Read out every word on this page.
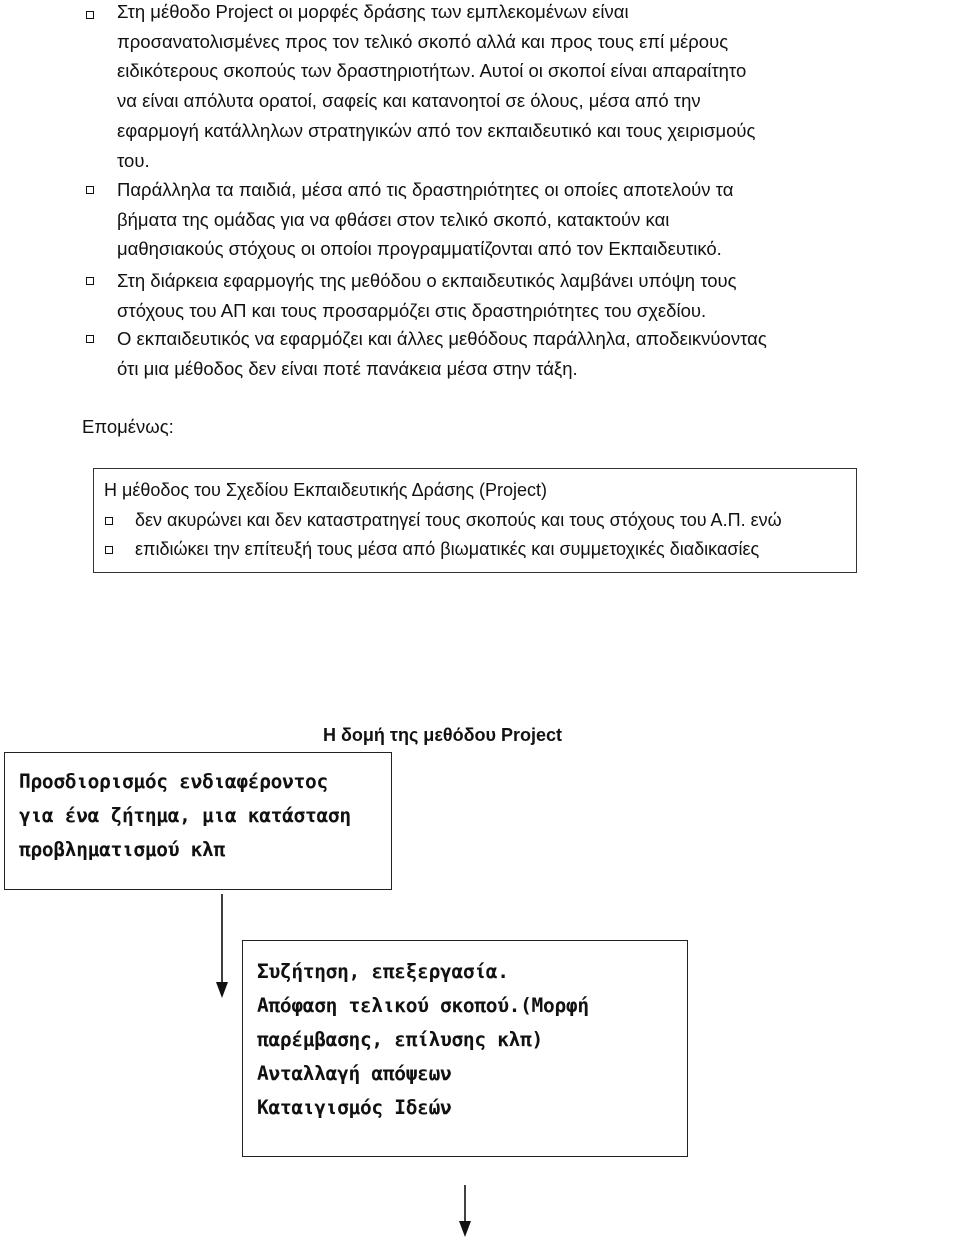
Στη μέθοδο Project οι μορφές δράσης των εμπλεκομένων είναι
προσανατολισμένες προς τον τελικό σκοπό αλλά και προς τους επί μέρους
ειδικότερους σκοπούς των δραστηριοτήτων. Αυτοί οι σκοποί είναι απαραίτητο
να είναι απόλυτα ορατοί, σαφείς και κατανοητοί σε όλους, μέσα από την
εφαρμογή κατάλληλων στρατηγικών από τον εκπαιδευτικό και τους χειρισμούς
του.
Παράλληλα τα παιδιά, μέσα από τις δραστηριότητες οι οποίες αποτελούν τα
βήματα της ομάδας για να φθάσει στον τελικό σκοπό, κατακτούν και
μαθησιακούς στόχους οι οποίοι προγραμματίζονται από τον Εκπαιδευτικό.
Στη διάρκεια εφαρμογής της μεθόδου ο εκπαιδευτικός λαμβάνει υπόψη τους
στόχους του ΑΠ και τους προσαρμόζει στις δραστηριότητες του σχεδίου.
Ο εκπαιδευτικός να εφαρμόζει και άλλες μεθόδους παράλληλα, αποδεικνύοντας
ότι μια μέθοδος δεν είναι ποτέ πανάκεια μέσα στην τάξη.
Επομένως:
Η μέθοδος του Σχεδίου Εκπαιδευτικής Δράσης (Project)
δεν ακυρώνει και δεν καταστρατηγεί τους σκοπούς και τους στόχους του Α.Π. ενώ
επιδιώκει την επίτευξή τους μέσα από βιωματικές και συμμετοχικές διαδικασίες
Η δομή της μεθόδου Project
Προσδιορισμός ενδιαφέροντος
για ένα ζήτημα, μια κατάσταση
προβληματισμού κλπ
Συζήτηση, επεξεργασία.
Απόφαση τελικού σκοπού.(Μορφή
παρέμβασης, επίλυσης κλπ)
Ανταλλαγή απόψεων
Καταιγισμός Ιδεών
